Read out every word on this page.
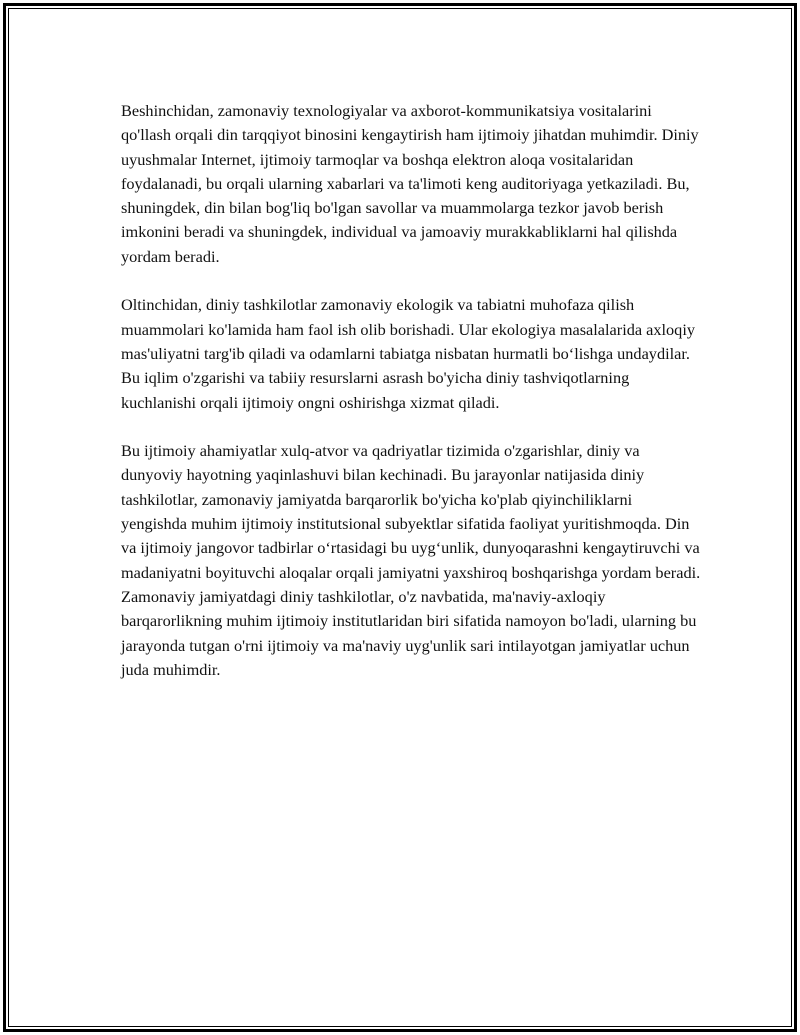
Beshinchidan, zamonaviy texnologiyalar va axborot-kommunikatsiya vositalarini qo'llash orqali din tarqqiyot binosini kengaytirish ham ijtimoiy jihatdan muhimdir. Diniy uyushmalar Internet, ijtimoiy tarmoqlar va boshqa elektron aloqa vositalaridan foydalanadi, bu orqali ularning xabarlari va ta'limoti keng auditoriyaga yetkaziladi. Bu, shuningdek, din bilan bog'liq bo'lgan savollar va muammolarga tezkor javob berish imkonini beradi va shuningdek, individual va jamoaviy murakkabliklarni hal qilishda yordam beradi.

Oltinchidan, diniy tashkilotlar zamonaviy ekologik va tabiatni muhofaza qilish muammolari ko'lamida ham faol ish olib borishadi. Ular ekologiya masalalarida axloqiy mas'uliyatni targ'ib qiladi va odamlarni tabiatga nisbatan hurmatli bo‘lishga undaydilar. Bu iqlim o'zgarishi va tabiiy resurslarni asrash bo'yicha diniy tashviqotlarning kuchlanishi orqali ijtimoiy ongni oshirishga xizmat qiladi.

Bu ijtimoiy ahamiyatlar xulq-atvor va qadriyatlar tizimida o'zgarishlar, diniy va dunyoviy hayotning yaqinlashuvi bilan kechinadi. Bu jarayonlar natijasida diniy tashkilotlar, zamonaviy jamiyatda barqarorlik bo'yicha ko'plab qiyinchiliklarni yengishda muhim ijtimoiy institutsional subyektlar sifatida faoliyat yuritishmoqda. Din va ijtimoiy jangovor tadbirlar o‘rtasidagi bu uyg‘unlik, dunyoqarashni kengaytiruvchi va madaniyatni boyituvchi aloqalar orqali jamiyatni yaxshiroq boshqarishga yordam beradi. Zamonaviy jamiyatdagi diniy tashkilotlar, o'z navbatida, ma'naviy-axloqiy barqarorlikning muhim ijtimoiy institutlaridan biri sifatida namoyon bo'ladi, ularning bu jarayonda tutgan o'rni ijtimoiy va ma'naviy uyg'unlik sari intilayotgan jamiyatlar uchun juda muhimdir.
